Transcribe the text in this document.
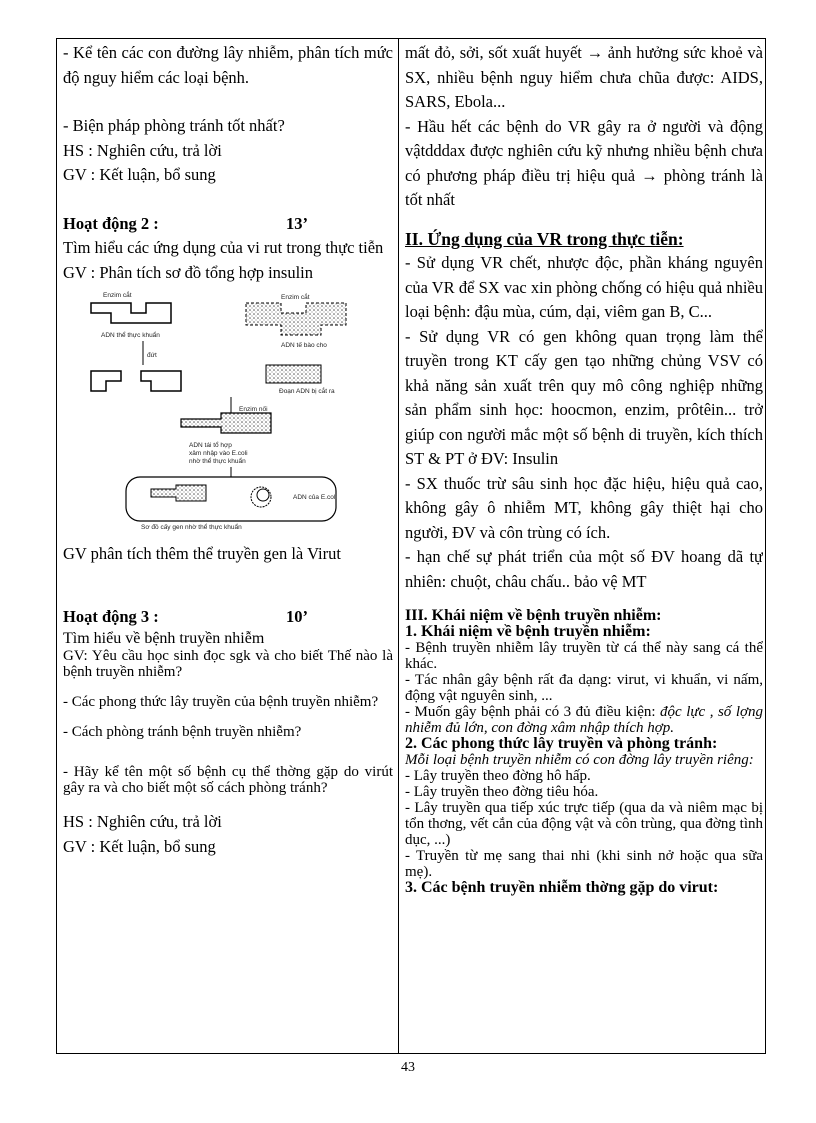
- Kể tên các con đường lây nhiễm, phân tích mức độ nguy hiểm các loại bệnh.

- Biện pháp phòng tránh tốt nhất?

HS : Nghiên cứu, trả lời

GV : Kết luận, bổ sung

Hoạt động 2 :	13’

Tìm hiểu các ứng dụng của vi rut trong thực tiễn

GV : Phân tích sơ đồ tổng hợp insulin

Enzim cắt
ADN thể thực khuẩn
Enzim cắt
ADN tế bào cho
đứt
Đoạn ADN bị cắt ra
Enzim nối
ADN tái tổ hợp
xâm nhập vào E.coli
nhờ thể thực khuẩn
ADN của E.coli
Sơ đồ cấy gen nhờ thể thực khuẩn

GV phân tích thêm thể truyền gen là Virut

Hoạt động 3 :	10’

Tìm hiểu về bệnh truyền nhiễm

GV: Yêu cầu học sinh đọc sgk và cho biết Thế nào là bệnh truyền nhiễm?

- Các phong thức lây truyền của bệnh truyền nhiễm?

- Cách phòng tránh bệnh truyền nhiễm?

- Hãy kể tên một số bệnh cụ thể thờng gặp do virút gây ra và cho biết một số cách phòng tránh?

HS : Nghiên cứu, trả lời

GV : Kết luận, bổ sung

mất đỏ, sởi, sốt xuất huyết → ảnh hưởng sức khoẻ và SX, nhiều bệnh nguy hiểm chưa chũa được: AIDS, SARS, Ebola...

- Hầu hết các bệnh do VR gây ra ở người và động vậtdddax được nghiên cứu kỹ nhưng nhiều bệnh chưa có phương pháp điều trị hiệu quả → phòng tránh là tốt nhất

II. Ứng dụng của VR trong thực tiễn:

- Sử dụng VR chết, nhược độc, phần kháng nguyên của VR để SX vac xin phòng chống có hiệu quả nhiều loại bệnh: đậu mùa, cúm, dại, viêm gan B, C...

- Sử dụng VR có gen không quan trọng làm thể truyền trong KT cấy gen tạo những chủng VSV có khả năng sản xuất trên quy mô công nghiệp những sản phẩm sinh học: hoocmon, enzim, prôtêin... trở giúp con người mắc một số bệnh di truyền, kích thích ST & PT ở ĐV: Insulin

- SX thuốc trừ sâu sinh học đặc hiệu, hiệu quả cao, không gây ô nhiễm MT, không gây thiệt hại cho người, ĐV và côn trùng có ích.

- hạn chế sự phát triển của một số ĐV hoang dã tự nhiên: chuột, châu chấu.. bảo vệ MT

III. Khái niệm về bệnh truyền nhiễm:

1. Khái niệm về bệnh truyền nhiễm:

- Bệnh truyền nhiễm lây truyền từ cá thể này sang cá thể khác.

- Tác nhân gây bệnh rất đa dạng: virut, vi khuẩn, vi nấm, động vật nguyên sinh, ...

- Muốn gây bệnh phải có 3 đủ điều kiện: độc lực , số lợng nhiễm đủ lớn, con đờng xâm nhập thích hợp.

2. Các phong thức lây truyền và phòng tránh:

Mỗi loại bệnh truyền nhiễm có con đờng lây truyền riêng:

- Lây truyền theo đờng hô hấp.

- Lây truyền theo đờng tiêu hóa.

- Lây truyền qua tiếp xúc trực tiếp (qua da và niêm mạc bị tổn thơng, vết cắn của động vật và côn trùng, qua đờng tình dục, ...)

- Truyền từ mẹ sang thai nhi (khi sinh nở hoặc qua sữa mẹ).

3. Các bệnh truyền nhiễm thờng gặp do virut:

43
